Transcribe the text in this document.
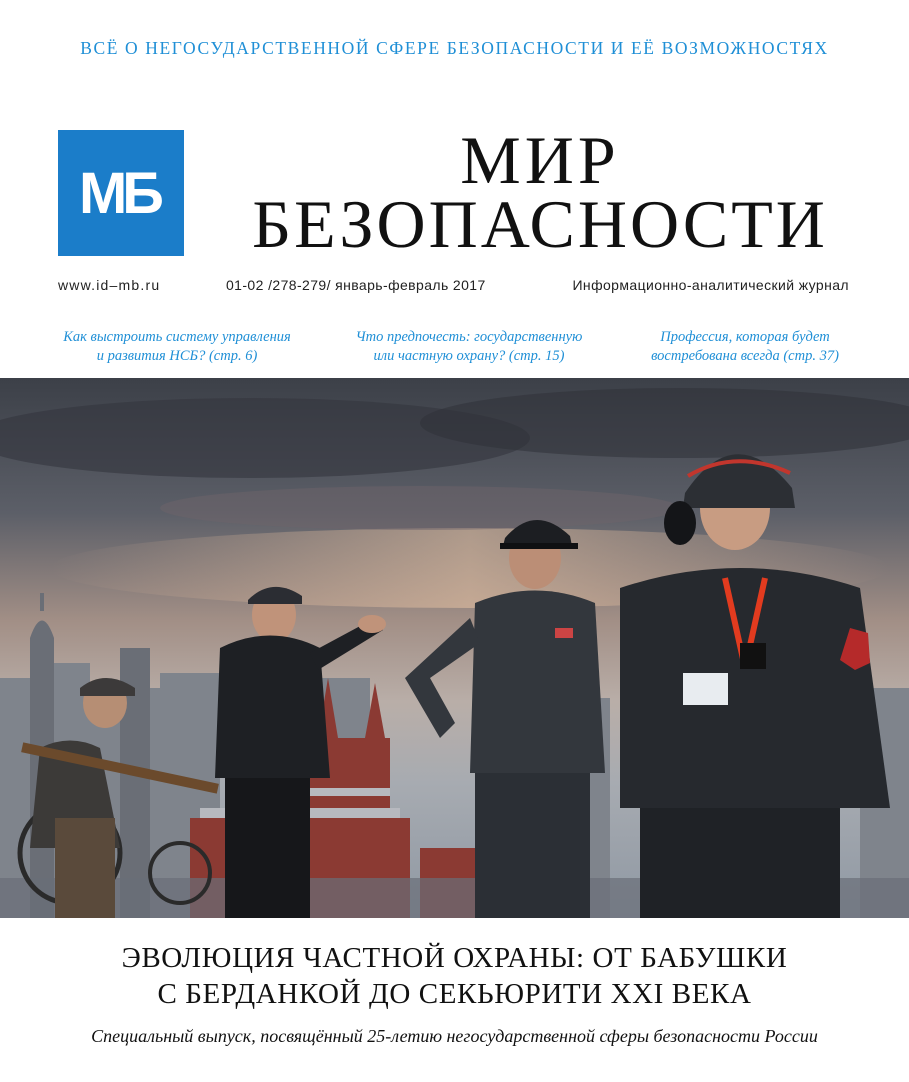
ВСЁ О НЕГОСУДАРСТВЕННОЙ СФЕРЕ БЕЗОПАСНОСТИ И ЕЁ ВОЗМОЖНОСТЯХ
МБ	МИР
БЕЗОПАСНОСТИ
www.id–mb.ru	01-02 /278-279/ январь-февраль 2017	Информационно-аналитический журнал
Как выстроить систему управления
и развития НСБ? (стр. 6)
Что предпочесть: государственную
или частную охрану? (стр. 15)
Профессия, которая будет
востребована всегда (стр. 37)
ЭВОЛЮЦИЯ ЧАСТНОЙ ОХРАНЫ: ОТ БАБУШКИ
С БЕРДАНКОЙ ДО СЕКЬЮРИТИ XXI ВЕКА
Специальный выпуск, посвящённый 25-летию негосударственной сферы безопасности России
